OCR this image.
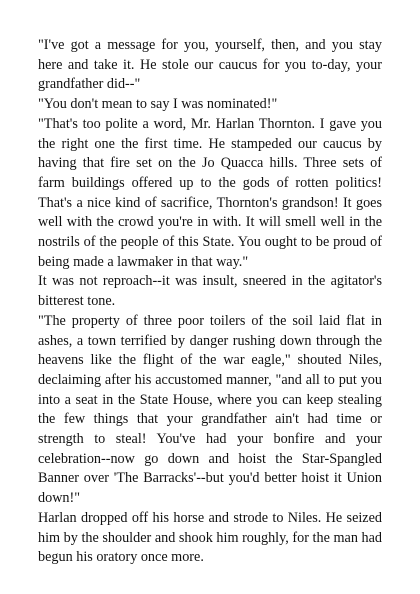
"I've got a message for you, yourself, then, and you stay here and take it. He stole our caucus for you to-day, your grandfather did--"

"You don't mean to say I was nominated!"

"That's too polite a word, Mr. Harlan Thornton. I gave you the right one the first time. He stampeded our caucus by having that fire set on the Jo Quacca hills. Three sets of farm buildings offered up to the gods of rotten politics! That's a nice kind of sacrifice, Thornton's grandson! It goes well with the crowd you're in with. It will smell well in the nostrils of the people of this State. You ought to be proud of being made a lawmaker in that way."

It was not reproach--it was insult, sneered in the agitator's bitterest tone.

"The property of three poor toilers of the soil laid flat in ashes, a town terrified by danger rushing down through the heavens like the flight of the war eagle," shouted Niles, declaiming after his accustomed manner, "and all to put you into a seat in the State House, where you can keep stealing the few things that your grandfather ain't had time or strength to steal! You've had your bonfire and your celebration--now go down and hoist the Star-Spangled Banner over 'The Barracks'--but you'd better hoist it Union down!"

Harlan dropped off his horse and strode to Niles. He seized him by the shoulder and shook him roughly, for the man had begun his oratory once more.
